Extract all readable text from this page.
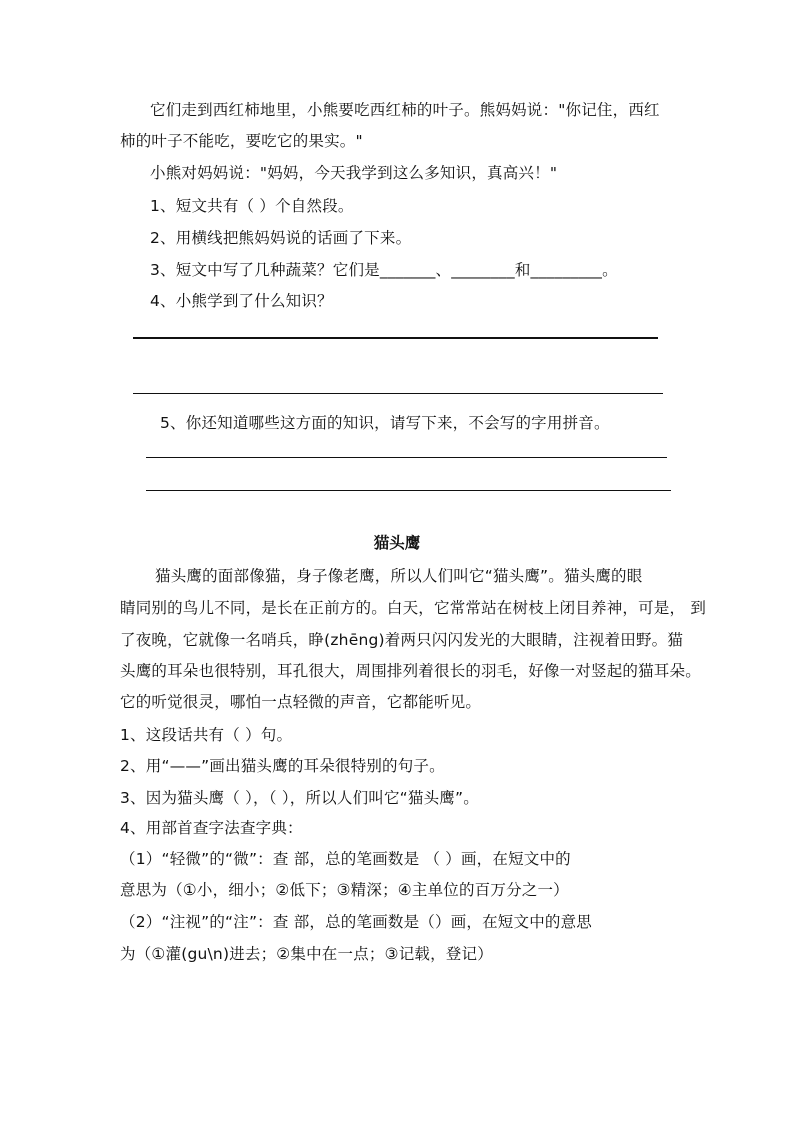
它们走到西红柿地里，小熊要吃西红柿的叶子。熊妈妈说："你记住，西红
柿的叶子不能吃，要吃它的果实。"
小熊对妈妈说："妈妈，今天我学到这么多知识，真高兴！"
1、短文共有（ ）个自然段。
2、用横线把熊妈妈说的话画了下来。
3、短文中写了几种蔬菜？它们是_______、________和_________。
4、小熊学到了什么知识？
5、你还知道哪些这方面的知识，请写下来，不会写的字用拼音。
猫头鹰
猫头鹰的面部像猫，身子像老鹰，所以人们叫它“猫头鹰”。猫头鹰的眼
睛同别的鸟儿不同，是长在正前方的。白天，它常常站在树枝上闭目养神，可是， 到
了夜晚，它就像一名哨兵，睁(zhēng)着两只闪闪发光的大眼睛，注视着田野。猫
头鹰的耳朵也很特别，耳孔很大，周围排列着很长的羽毛，好像一对竖起的猫耳朵。
它的听觉很灵，哪怕一点轻微的声音，它都能听见。
1、这段话共有（ ）句。
2、用“——”画出猫头鹰的耳朵很特别的句子。
3、因为猫头鹰（ ），（ ），所以人们叫它“猫头鹰”。
4、用部首查字法查字典：
（1）“轻微”的“微”：查 部，总的笔画数是 （ ）画，在短文中的
意思为（①小，细小；②低下；③精深；④主单位的百万分之一）
（2）“注视”的“注”：查 部，总的笔画数是（）画，在短文中的意思
为（①灌(gu\n)进去；②集中在一点；③记载，登记）
